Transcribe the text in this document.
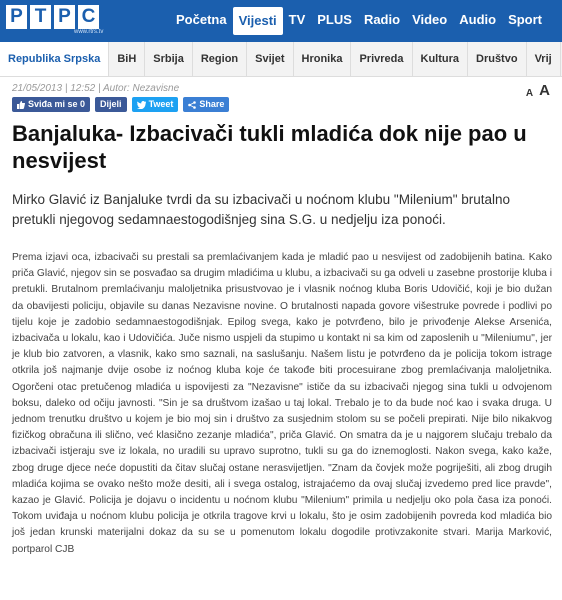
P T P C
www.rtrs.tv
Početna Vijesti TV PLUS Radio Video Audio Sport
Republika Srpska	BiH	Srbija	Region	Svijet	Hronika	Privreda	Kultura	Društvo	Vrij
21/05/2013 | 12:52 | Autor: Nezavisne	A A
Sviđa mi se 0 Dijeli	Tweet	Share
Banjaluka- Izbacivači tukli mladića dok nije pao u nesvijest

Mirko Glavić iz Banjaluke tvrdi da su izbacivači u noćnom klubu "Milenium" brutalno pretukli njegovog sedamnaestogodišnjeg sina S.G. u nedjelju iza ponoći.

Prema izjavi oca, izbacivači su prestali sa premlaćivanjem kada je mladić pao u nesvijest od zadobijenih batina. Kako priča Glavić, njegov sin se posvađao sa drugim mladićima u klubu, a izbacivači su ga odveli u zasebne prostorije kluba i pretukli. Brutalnom premlaćivanju maloljetnika prisustvovao je i vlasnik noćnog kluba Boris Udovičić, koji je bio dužan da obavijesti policiju, objavile su danas Nezavisne novine. O brutalnosti napada govore višestruke povrede i podlivi po tijelu koje je zadobio sedamnaestogodišnjak. Epilog svega, kako je potvrđeno, bilo je privođenje Alekse Arsenića, izbacivača u lokalu, kao i Udovičića. Juče nismo uspjeli da stupimo u kontakt ni sa kim od zaposlenih u "Mileniumu", jer je klub bio zatvoren, a vlasnik, kako smo saznali, na saslušanju. Našem listu je potvrđeno da je policija tokom istrage otkrila još najmanje dvije osobe iz noćnog kluba koje će takođe biti procesuirane zbog premlaćivanja maloljetnika. Ogorčeni otac pretučenog mladića u ispovijesti za "Nezavisne" ističe da su izbacivači njegog sina tukli u odvojenom boksu, daleko od očiju javnosti. "Sin je sa društvom izašao u taj lokal. Trebalo je to da bude noć kao i svaka druga. U jednom trenutku društvo u kojem je bio moj sin i društvo za susjednim stolom su se počeli prepirati. Nije bilo nikakvog fizičkog obračuna ili slično, već klasično zezanje mladića", priča Glavić. On smatra da je u najgorem slučaju trebalo da izbacivači istjeraju sve iz lokala, no uradili su upravo suprotno, tukli su ga do iznemoglosti. Nakon svega, kako kaže, zbog druge djece neće dopustiti da čitav slučaj ostane nerasvijetljen. "Znam da čovjek može pogriješiti, ali zbog drugih mladića kojima se ovako nešto može desiti, ali i svega ostalog, istrajaćemo da ovaj slučaj izvedemo pred lice pravde", kazao je Glavić. Policija je dojavu o incidentu u noćnom klubu "Milenium" primila u nedjelju oko pola časa iza ponoći. Tokom uviđaja u noćnom klubu policija je otkrila tragove krvi u lokalu, što je osim zadobijenih povreda kod mladića bio još jedan krunski materijalni dokaz da su se u pomenutom lokalu dogodile protivzakonite stvari. Marija Marković, portparol CJB
